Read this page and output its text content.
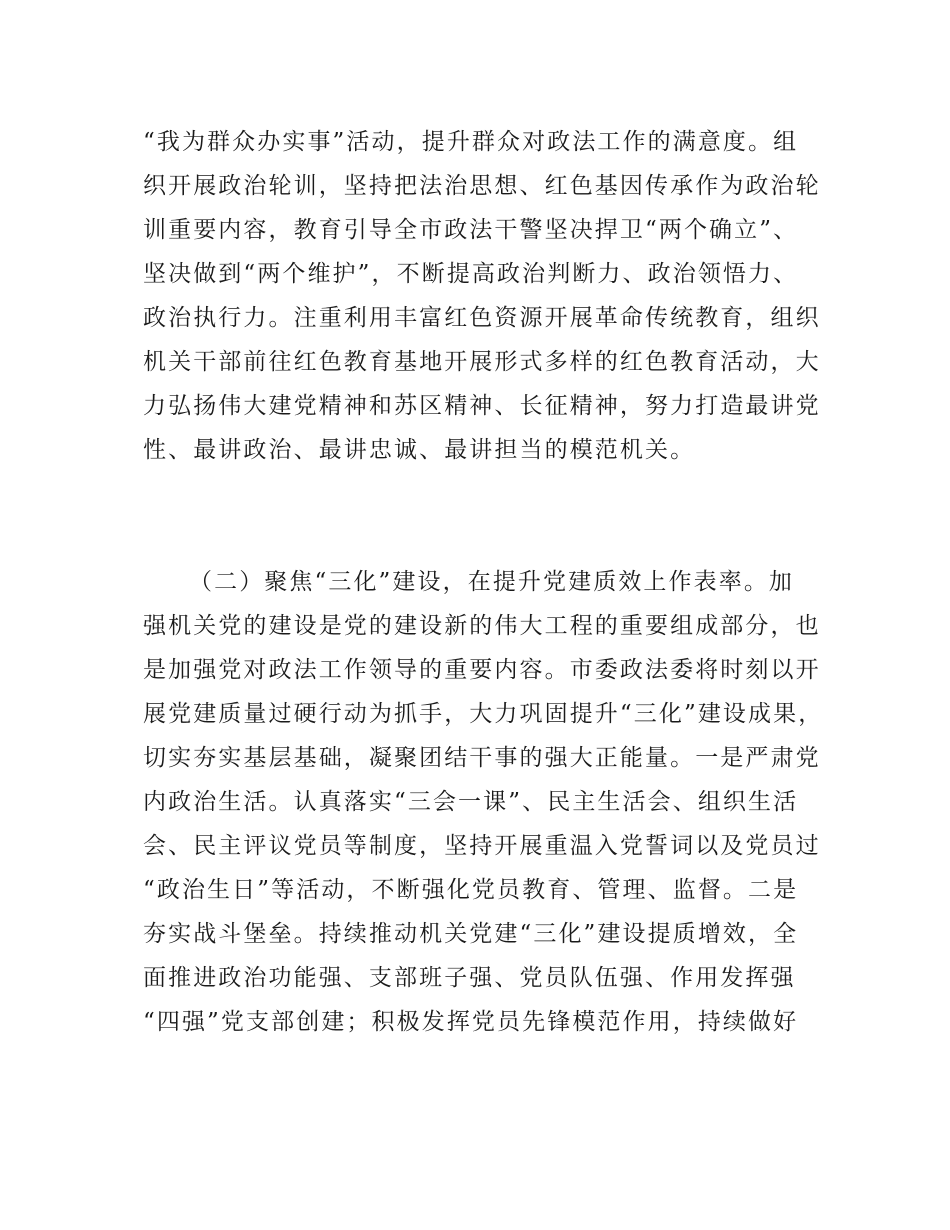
“我为群众办实事”活动，提升群众对政法工作的满意度。组
织开展政治轮训，坚持把法治思想、红色基因传承作为政治轮
训重要内容，教育引导全市政法干警坚决捍卫“两个确立”、
坚决做到“两个维护”，不断提高政治判断力、政治领悟力、
政治执行力。注重利用丰富红色资源开展革命传统教育，组织
机关干部前往红色教育基地开展形式多样的红色教育活动，大
力弘扬伟大建党精神和苏区精神、长征精神，努力打造最讲党
性、最讲政治、最讲忠诚、最讲担当的模范机关。
（二）聚焦“三化”建设，在提升党建质效上作表率。加
强机关党的建设是党的建设新的伟大工程的重要组成部分，也
是加强党对政法工作领导的重要内容。市委政法委将时刻以开
展党建质量过硬行动为抓手，大力巩固提升“三化”建设成果，
切实夯实基层基础，凝聚团结干事的强大正能量。一是严肃党
内政治生活。认真落实“三会一课”、民主生活会、组织生活
会、民主评议党员等制度，坚持开展重温入党誓词以及党员过
“政治生日”等活动，不断强化党员教育、管理、监督。二是
夯实战斗堡垒。持续推动机关党建“三化”建设提质增效，全
面推进政治功能强、支部班子强、党员队伍强、作用发挥强
“四强”党支部创建；积极发挥党员先锋模范作用，持续做好
